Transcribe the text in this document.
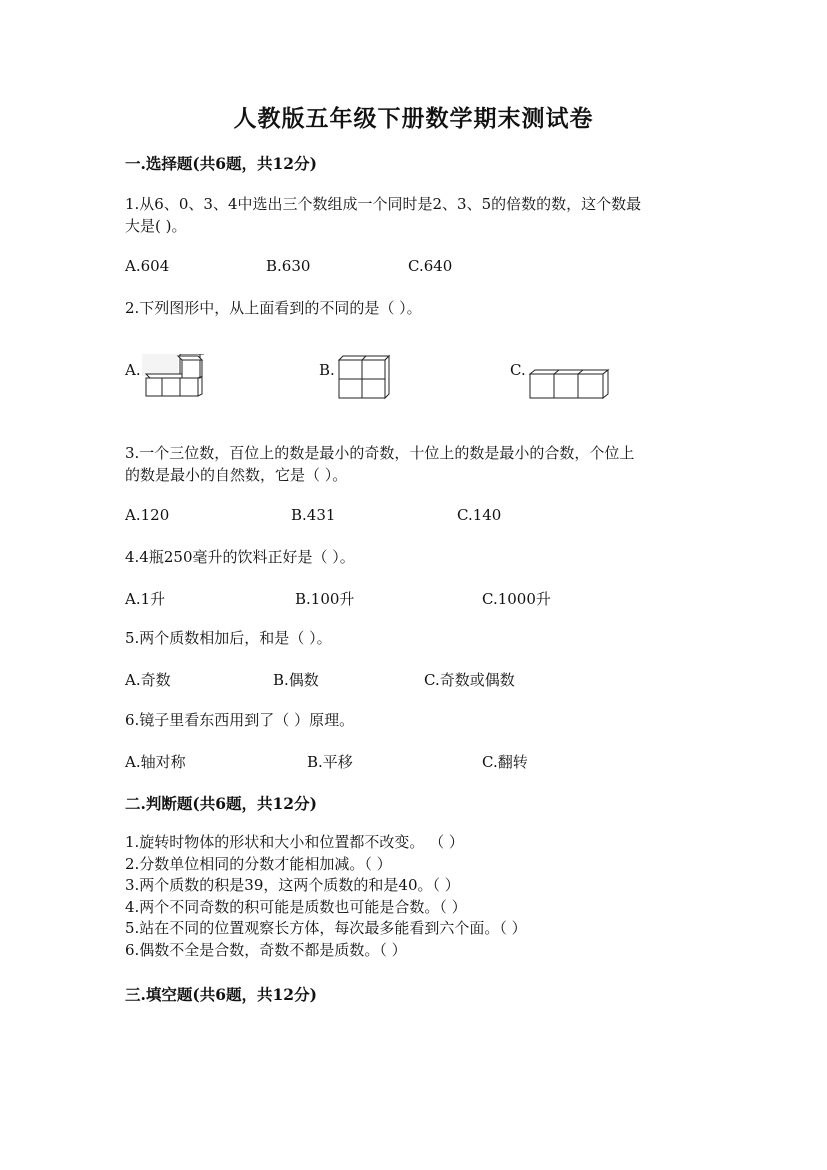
人教版五年级下册数学期末测试卷
一.选择题(共6题，共12分)
1.从6、0、3、4中选出三个数组成一个同时是2、3、5的倍数的数，这个数最
大是( )。
A.604	B.630	C.640
2.下列图形中，从上面看到的不同的是（ ）。
A.	B.	C.
3.一个三位数，百位上的数是最小的奇数，十位上的数是最小的合数，个位上
的数是最小的自然数，它是（ ）。
A.120	B.431	C.140
4.4瓶250毫升的饮料正好是（ ）。
A.1升	B.100升	C.1000升
5.两个质数相加后，和是（ ）。
A.奇数	B.偶数	C.奇数或偶数
6.镜子里看东西用到了（ ）原理。
A.轴对称	B.平移	C.翻转
二.判断题(共6题，共12分)
1.旋转时物体的形状和大小和位置都不改变。 （ ）
2.分数单位相同的分数才能相加减。（ ）
3.两个质数的积是39，这两个质数的和是40。（ ）
4.两个不同奇数的积可能是质数也可能是合数。（ ）
5.站在不同的位置观察长方体，每次最多能看到六个面。（ ）
6.偶数不全是合数，奇数不都是质数。（ ）
三.填空题(共6题，共12分)
